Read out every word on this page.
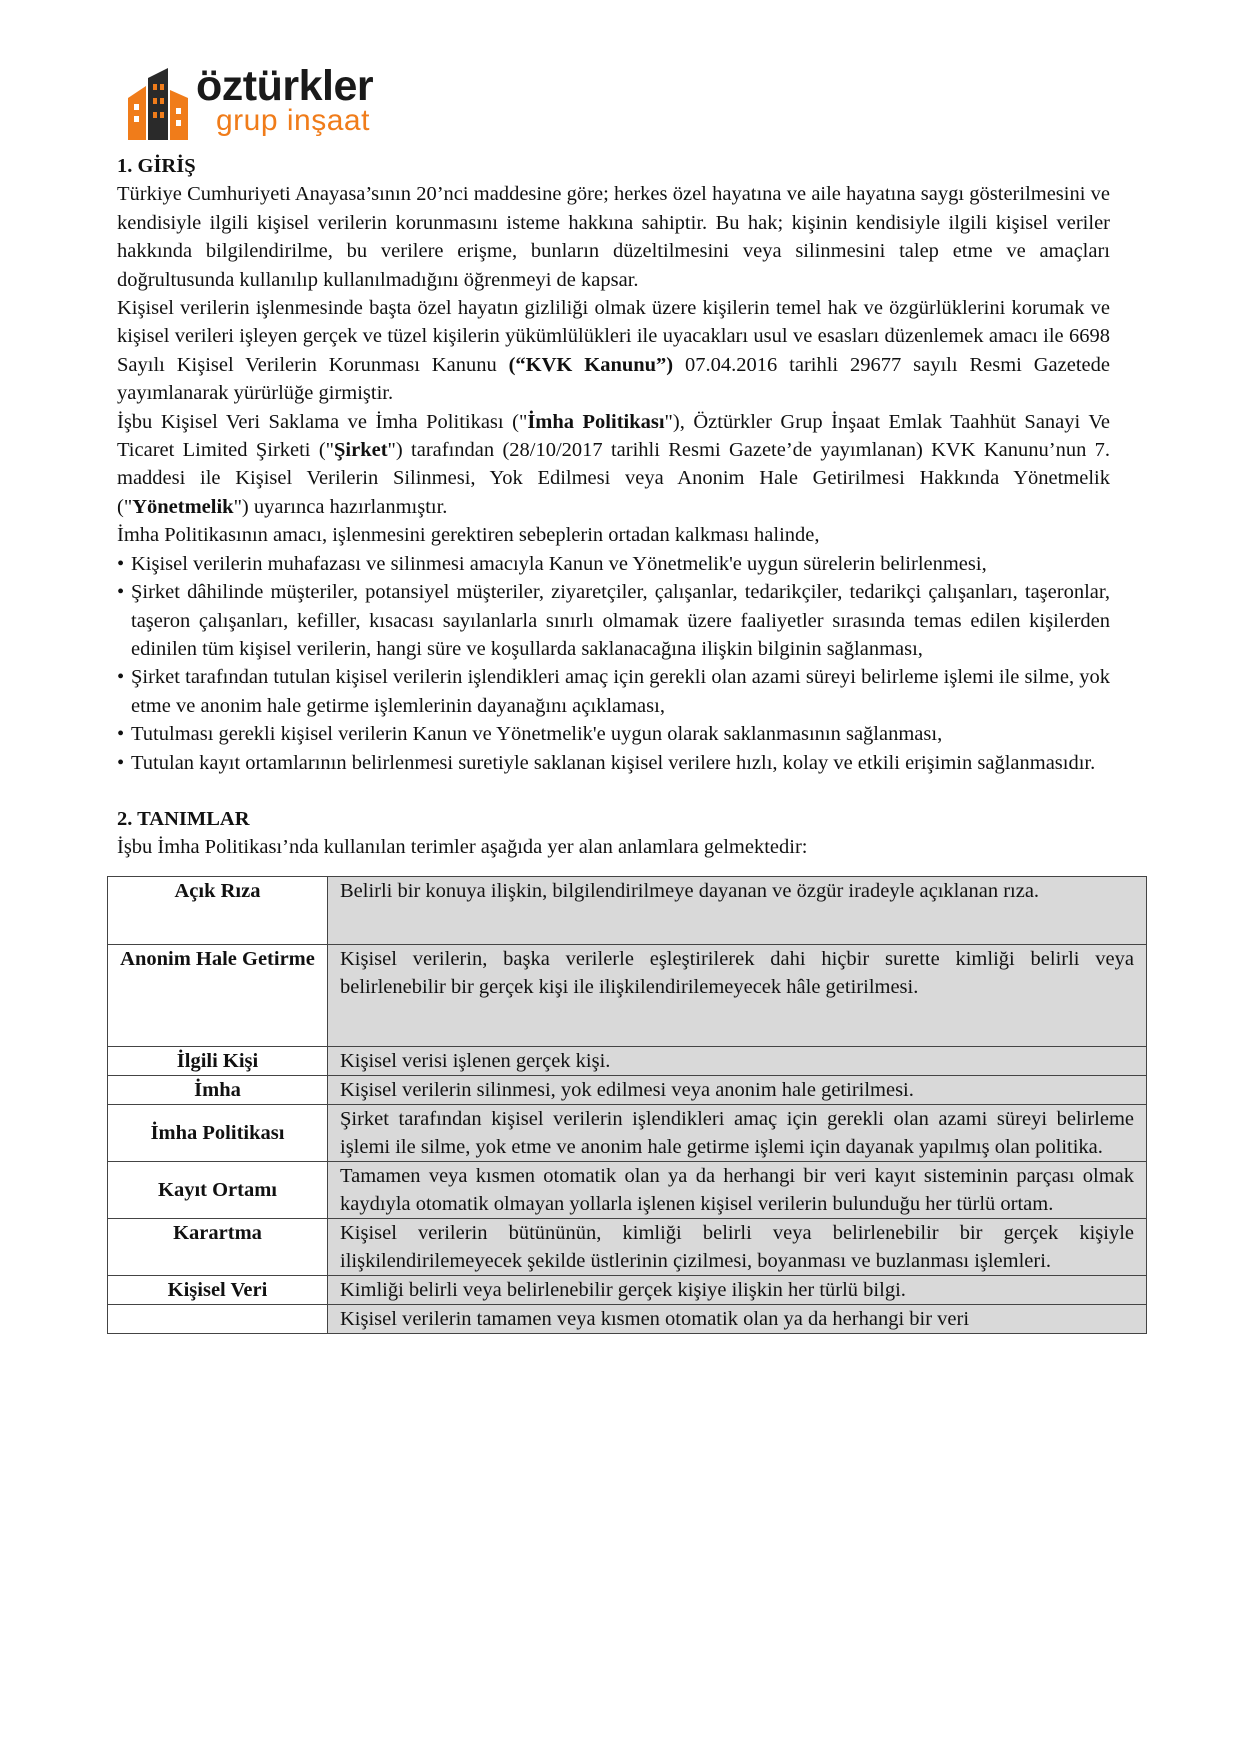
öztürkler
grup inşaat
1. GİRİŞ

Türkiye Cumhuriyeti Anayasa’sının 20’nci maddesine göre; herkes özel hayatına ve aile hayatına saygı gösterilmesini ve kendisiyle ilgili kişisel verilerin korunmasını isteme hakkına sahiptir. Bu hak; kişinin kendisiyle ilgili kişisel veriler hakkında bilgilendirilme, bu verilere erişme, bunların düzeltilmesini veya silinmesini talep etme ve amaçları doğrultusunda kullanılıp kullanılmadığını öğrenmeyi de kapsar.

Kişisel verilerin işlenmesinde başta özel hayatın gizliliği olmak üzere kişilerin temel hak ve özgürlüklerini korumak ve kişisel verileri işleyen gerçek ve tüzel kişilerin yükümlülükleri ile uyacakları usul ve esasları düzenlemek amacı ile 6698 Sayılı Kişisel Verilerin Korunması Kanunu (“KVK Kanunu”) 07.04.2016 tarihli 29677 sayılı Resmi Gazetede yayımlanarak yürürlüğe girmiştir.

İşbu Kişisel Veri Saklama ve İmha Politikası ("İmha Politikası"), Öztürkler Grup İnşaat Emlak Taahhüt Sanayi Ve Ticaret Limited Şirketi ("Şirket") tarafından (28/10/2017 tarihli Resmi Gazete’de yayımlanan) KVK Kanunu’nun 7. maddesi ile Kişisel Verilerin Silinmesi, Yok Edilmesi veya Anonim Hale Getirilmesi Hakkında Yönetmelik ("Yönetmelik") uyarınca hazırlanmıştır.

İmha Politikasının amacı, işlenmesini gerektiren sebeplerin ortadan kalkması halinde,

• Kişisel verilerin muhafazası ve silinmesi amacıyla Kanun ve Yönetmelik'e uygun sürelerin belirlenmesi,

• Şirket dâhilinde müşteriler, potansiyel müşteriler, ziyaretçiler, çalışanlar, tedarikçiler, tedarikçi çalışanları, taşeronlar, taşeron çalışanları, kefiller, kısacası sayılanlarla sınırlı olmamak üzere faaliyetler sırasında temas edilen kişilerden edinilen tüm kişisel verilerin, hangi süre ve koşullarda saklanacağına ilişkin bilginin sağlanması,

• Şirket tarafından tutulan kişisel verilerin işlendikleri amaç için gerekli olan azami süreyi belirleme işlemi ile silme, yok etme ve anonim hale getirme işlemlerinin dayanağını açıklaması,

• Tutulması gerekli kişisel verilerin Kanun ve Yönetmelik'e uygun olarak saklanmasının sağlanması,

• Tutulan kayıt ortamlarının belirlenmesi suretiyle saklanan kişisel verilere hızlı, kolay ve etkili erişimin sağlanmasıdır.

2. TANIMLAR

İşbu İmha Politikası’nda kullanılan terimler aşağıda yer alan anlamlara gelmektedir:

Açık Rıza	Belirli bir konuya ilişkin, bilgilendirilmeye dayanan ve özgür iradeyle açıklanan rıza.
Anonim Hale Getirme	Kişisel verilerin, başka verilerle eşleştirilerek dahi hiçbir surette kimliği belirli veya belirlenebilir bir gerçek kişi ile ilişkilendirilemeyecek hâle getirilmesi.
İlgili Kişi	Kişisel verisi işlenen gerçek kişi.
İmha	Kişisel verilerin silinmesi, yok edilmesi veya anonim hale getirilmesi.
İmha Politikası	Şirket tarafından kişisel verilerin işlendikleri amaç için gerekli olan azami süreyi belirleme işlemi ile silme, yok etme ve anonim hale getirme işlemi için dayanak yapılmış olan politika.
Kayıt Ortamı	Tamamen veya kısmen otomatik olan ya da herhangi bir veri kayıt sisteminin parçası olmak kaydıyla otomatik olmayan yollarla işlenen kişisel verilerin bulunduğu her türlü ortam.
Karartma	Kişisel verilerin bütününün, kimliği belirli veya belirlenebilir bir gerçek kişiyle ilişkilendirilemeyecek şekilde üstlerinin çizilmesi, boyanması ve buzlanması işlemleri.
Kişisel Veri	Kimliği belirli veya belirlenebilir gerçek kişiye ilişkin her türlü bilgi.
	Kişisel verilerin tamamen veya kısmen otomatik olan ya da herhangi bir veri
